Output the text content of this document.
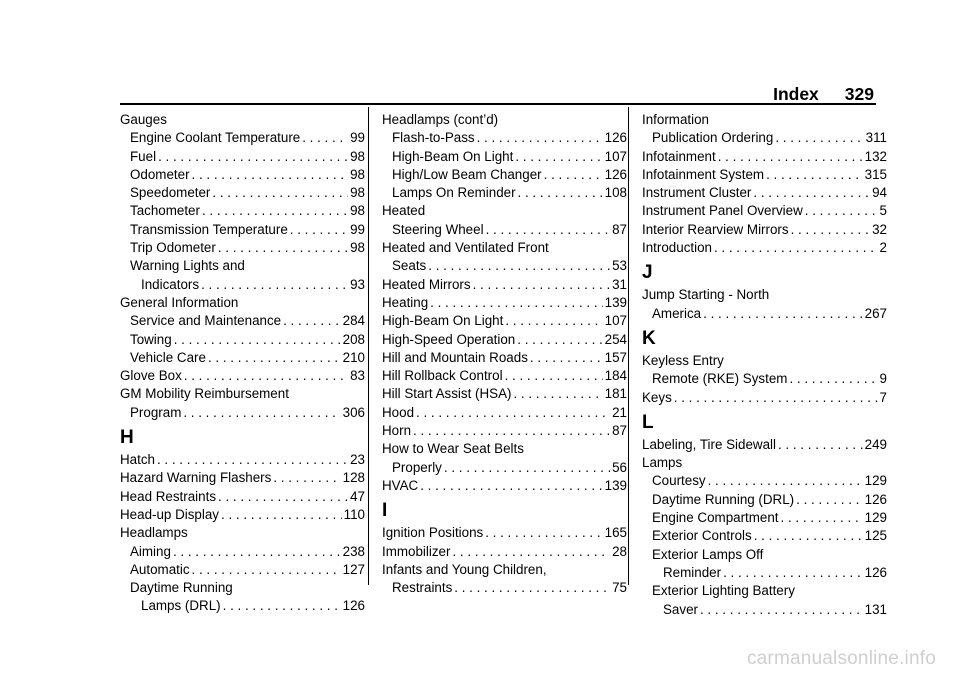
Index 329
Gauges
Engine Coolant Temperature . . .	99
Fuel . . .	98
Odometer . . .	98
Speedometer . . .	98
Tachometer . . .	98
Transmission Temperature . . .	99
Trip Odometer . . .	98
Warning Lights and
Indicators . . .	93
General Information
Service and Maintenance . . .	284
Towing . . .	208
Vehicle Care . . .	210
Glove Box . . .	83
GM Mobility Reimbursement
Program . . .	306
H
Hatch . . .	23
Hazard Warning Flashers . . .	128
Head Restraints . . .	47
Head-up Display . . .	110
Headlamps
Aiming . . .	238
Automatic . . .	127
Daytime Running
Lamps (DRL) . . .	126
Headlamps (cont’d)
Flash-to-Pass . . .	126
High-Beam On Light . . .	107
High/Low Beam Changer . . .	126
Lamps On Reminder . . .	108
Heated
Steering Wheel . . .	87
Heated and Ventilated Front
Seats . . .	53
Heated Mirrors . . .	31
Heating . . .	139
High-Beam On Light . . .	107
High-Speed Operation . . .	254
Hill and Mountain Roads . . .	157
Hill Rollback Control . . .	184
Hill Start Assist (HSA) . . .	181
Hood . . .	21
Horn . . .	87
How to Wear Seat Belts
Properly . . .	56
HVAC . . .	139
I
Ignition Positions . . .	165
Immobilizer . . .	28
Infants and Young Children,
Restraints . . .	75
Information
Publication Ordering . . .	311
Infotainment . . .	132
Infotainment System . . .	315
Instrument Cluster . . .	94
Instrument Panel Overview . . .	5
Interior Rearview Mirrors . . .	32
Introduction . . .	2
J
Jump Starting - North
America . . .	267
K
Keyless Entry
Remote (RKE) System . . .	9
Keys . . .	7
L
Labeling, Tire Sidewall . . .	249
Lamps
Courtesy . . .	129
Daytime Running (DRL) . . .	126
Engine Compartment . . .	129
Exterior Controls . . .	125
Exterior Lamps Off
Reminder . . .	126
Exterior Lighting Battery
Saver . . .	131
carmanualsonline.info
